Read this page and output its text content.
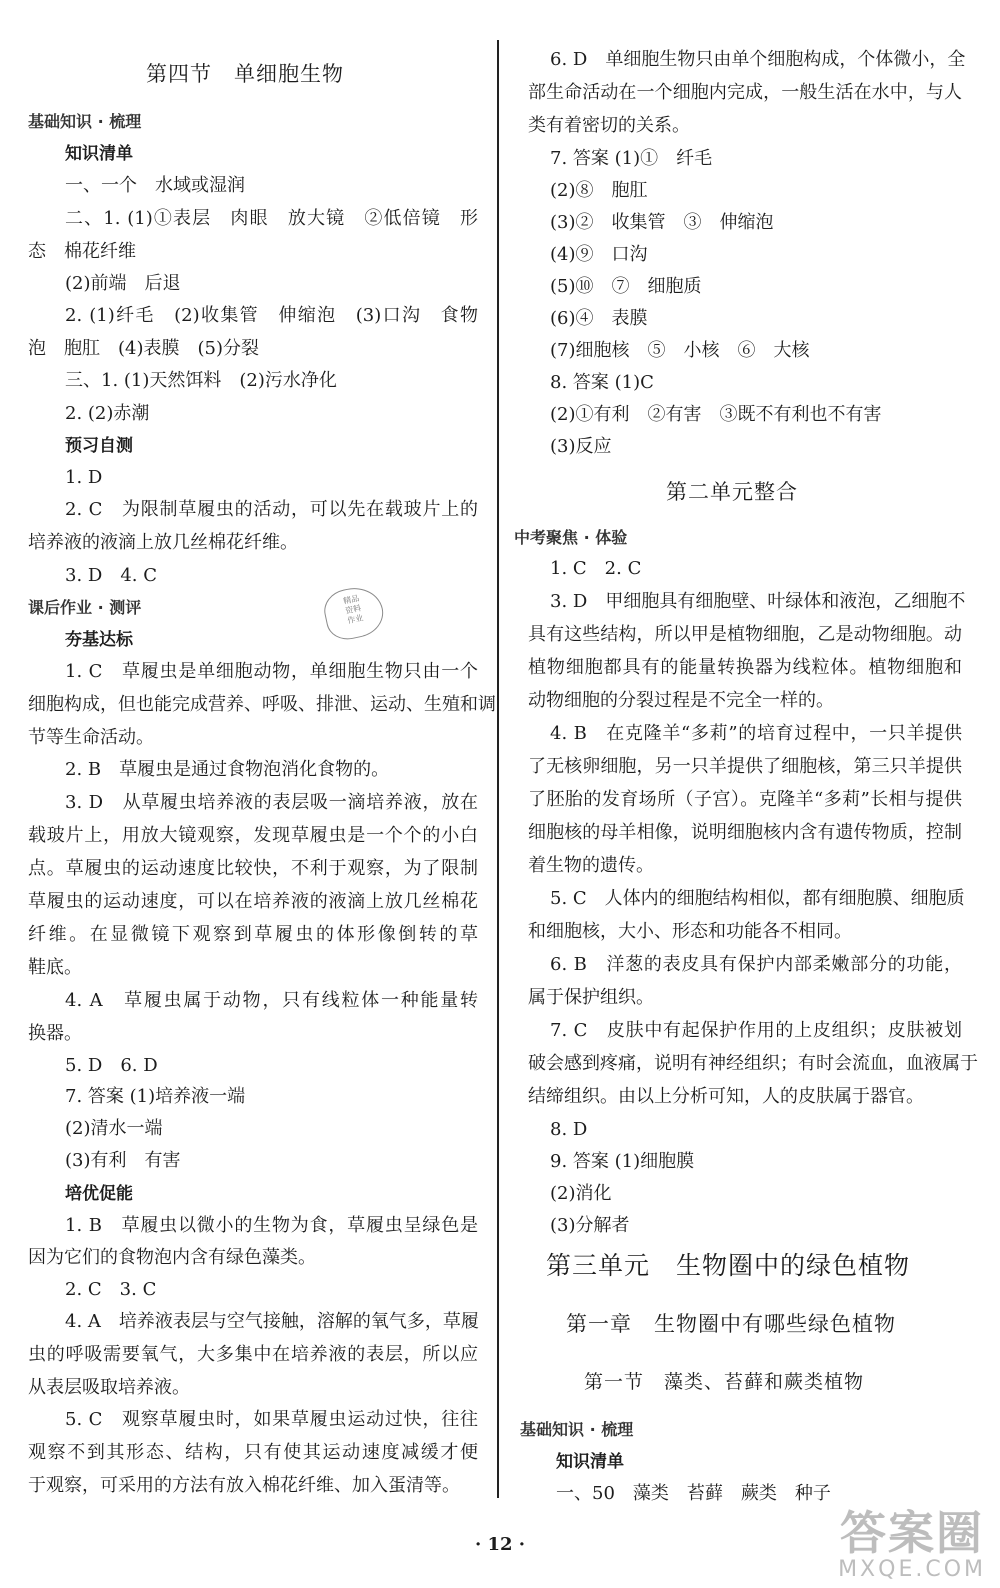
第四节　单细胞生物
基础知识 · 梳理
知识清单
一、一个　水域或湿润
二、1. (1)①表层　肉眼　放大镜　②低倍镜　形
态　棉花纤维
(2)前端　后退
2. (1)纤毛　(2)收集管　伸缩泡　(3)口沟　食物
泡　胞肛　(4)表膜　(5)分裂
三、1. (1)天然饵料　(2)污水净化
2. (2)赤潮
预习自测
1. D
2. C　为限制草履虫的活动，可以先在载玻片上的
培养液的液滴上放几丝棉花纤维。
3. D　4. C
课后作业 · 测评
夯基达标
1. C　草履虫是单细胞动物，单细胞生物只由一个
细胞构成，但也能完成营养、呼吸、排泄、运动、生殖和调
节等生命活动。
2. B　草履虫是通过食物泡消化食物的。
3. D　从草履虫培养液的表层吸一滴培养液，放在
载玻片上，用放大镜观察，发现草履虫是一个个的小白
点。草履虫的运动速度比较快，不利于观察，为了限制
草履虫的运动速度，可以在培养液的液滴上放几丝棉花
纤维。在显微镜下观察到草履虫的体形像倒转的草
鞋底。
4. A　草履虫属于动物，只有线粒体一种能量转
换器。
5. D　6. D
7. 答案 (1)培养液一端
(2)清水一端
(3)有利　有害
培优促能
1. B　草履虫以微小的生物为食，草履虫呈绿色是
因为它们的食物泡内含有绿色藻类。
2. C　3. C
4. A　培养液表层与空气接触，溶解的氧气多，草履
虫的呼吸需要氧气，大多集中在培养液的表层，所以应
从表层吸取培养液。
5. C　观察草履虫时，如果草履虫运动过快，往往
观察不到其形态、结构，只有使其运动速度减缓才便
于观察，可采用的方法有放入棉花纤维、加入蛋清等。
精品
资料
作业
6. D　单细胞生物只由单个细胞构成，个体微小，全
部生命活动在一个细胞内完成，一般生活在水中，与人
类有着密切的关系。
7. 答案 (1)①　纤毛
(2)⑧　胞肛
(3)②　收集管　③　伸缩泡
(4)⑨　口沟
(5)⑩　⑦　细胞质
(6)④　表膜
(7)细胞核　⑤　小核　⑥　大核
8. 答案 (1)C
(2)①有利　②有害　③既不有利也不有害
(3)反应
第二单元整合
中考聚焦 · 体验
1. C　2. C
3. D　甲细胞具有细胞壁、叶绿体和液泡，乙细胞不
具有这些结构，所以甲是植物细胞，乙是动物细胞。动
植物细胞都具有的能量转换器为线粒体。植物细胞和
动物细胞的分裂过程是不完全一样的。
4. B　在克隆羊“多莉”的培育过程中，一只羊提供
了无核卵细胞，另一只羊提供了细胞核，第三只羊提供
了胚胎的发育场所（子宫）。克隆羊“多莉”长相与提供
细胞核的母羊相像，说明细胞核内含有遗传物质，控制
着生物的遗传。
5. C　人体内的细胞结构相似，都有细胞膜、细胞质
和细胞核，大小、形态和功能各不相同。
6. B　洋葱的表皮具有保护内部柔嫩部分的功能，
属于保护组织。
7. C　皮肤中有起保护作用的上皮组织；皮肤被划
破会感到疼痛，说明有神经组织；有时会流血，血液属于
结缔组织。由以上分析可知，人的皮肤属于器官。
8. D
9. 答案 (1)细胞膜
(2)消化
(3)分解者
第三单元　生物圈中的绿色植物
第一章　生物圈中有哪些绿色植物
第一节　藻类、苔藓和蕨类植物
基础知识 · 梳理
知识清单
一、50　藻类　苔藓　蕨类　种子
· 12 ·	答案圈
MXQE.COM
